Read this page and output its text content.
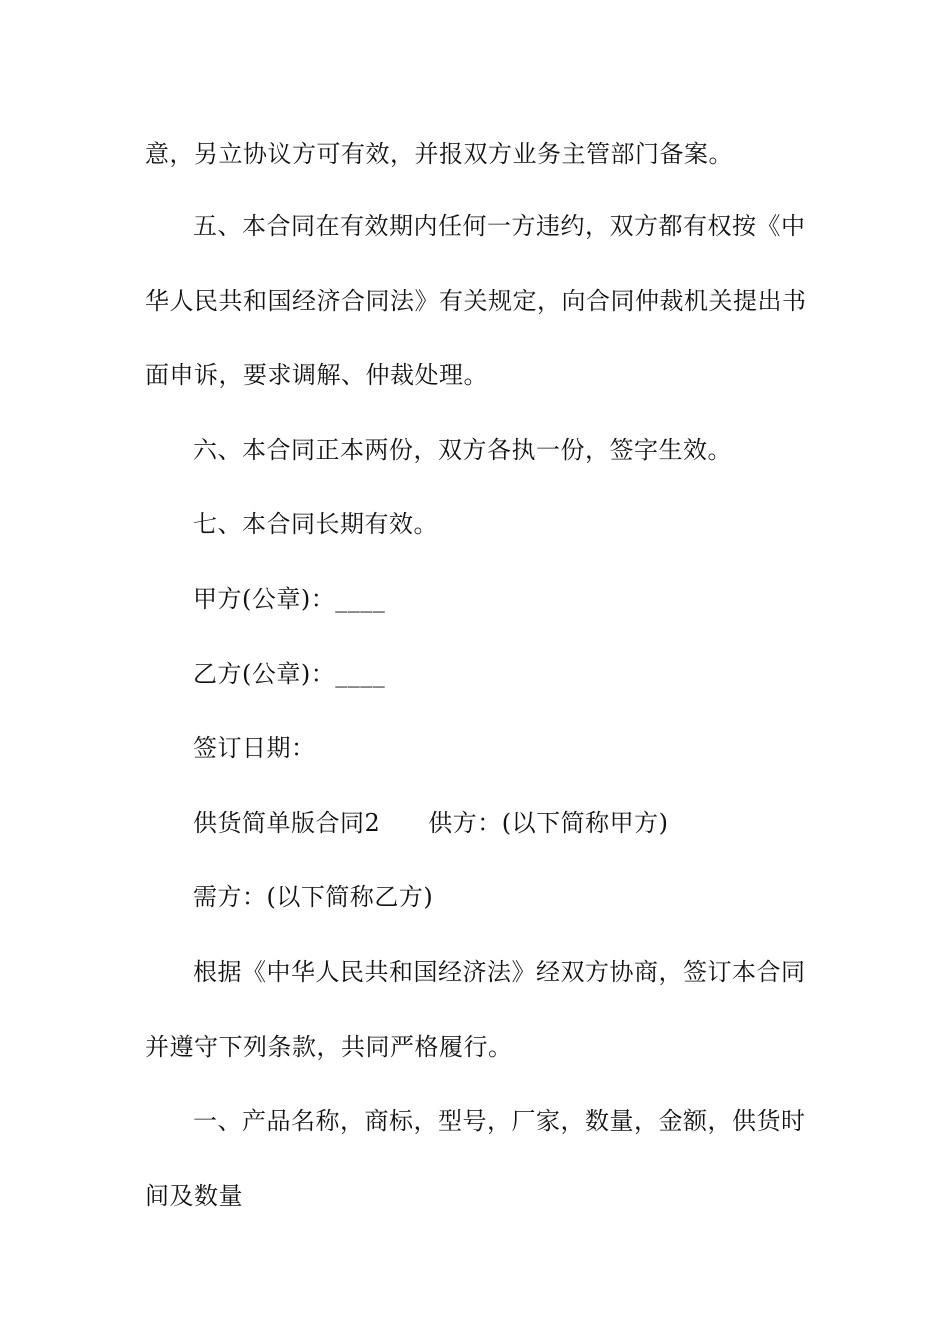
意，另立协议方可有效，并报双方业务主管部门备案。
五、本合同在有效期内任何一方违约，双方都有权按《中
华人民共和国经济合同法》有关规定，向合同仲裁机关提出书
面申诉，要求调解、仲裁处理。
六、本合同正本两份，双方各执一份，签字生效。
七、本合同长期有效。
甲方(公章)：____
乙方(公章)：____
签订日期：
供货简单版合同2 供方：(以下简称甲方)
需方：(以下简称乙方)
根据《中华人民共和国经济法》经双方协商，签订本合同
并遵守下列条款，共同严格履行。
一、产品名称，商标，型号，厂家，数量，金额，供货时
间及数量
